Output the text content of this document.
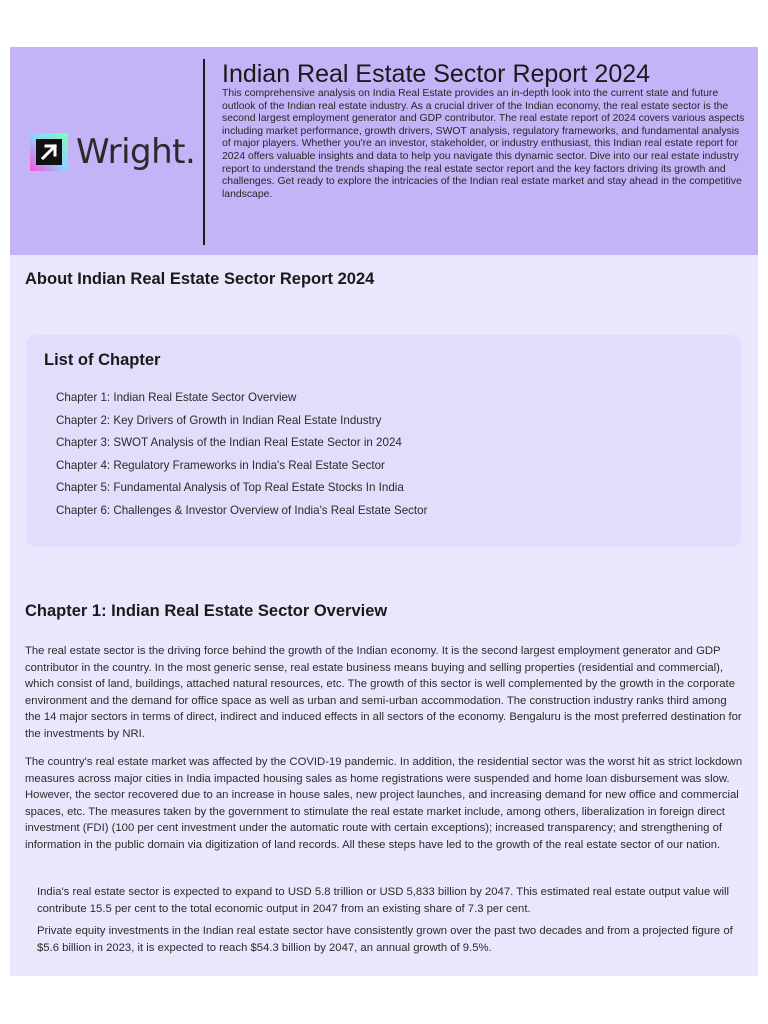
Wright.
Indian Real Estate Sector Report 2024

This comprehensive analysis on India Real Estate provides an in-depth look into the current state and future outlook of the Indian real estate industry. As a crucial driver of the Indian economy, the real estate sector is the second largest employment generator and GDP contributor. The real estate report of 2024 covers various aspects including market performance, growth drivers, SWOT analysis, regulatory frameworks, and fundamental analysis of major players. Whether you're an investor, stakeholder, or industry enthusiast, this Indian real estate report for 2024 offers valuable insights and data to help you navigate this dynamic sector. Dive into our real estate industry report to understand the trends shaping the real estate sector report and the key factors driving its growth and challenges. Get ready to explore the intricacies of the Indian real estate market and stay ahead in the competitive landscape.

About Indian Real Estate Sector Report 2024
List of Chapter
Chapter 1: Indian Real Estate Sector Overview
Chapter 2: Key Drivers of Growth in Indian Real Estate Industry
Chapter 3: SWOT Analysis of the Indian Real Estate Sector in 2024
Chapter 4: Regulatory Frameworks in India's Real Estate Sector
Chapter 5: Fundamental Analysis of Top Real Estate Stocks In India
Chapter 6: Challenges & Investor Overview of India's Real Estate Sector
Chapter 1: Indian Real Estate Sector Overview

The real estate sector is the driving force behind the growth of the Indian economy. It is the second largest employment generator and GDP contributor in the country. In the most generic sense, real estate business means buying and selling properties (residential and commercial), which consist of land, buildings, attached natural resources, etc. The growth of this sector is well complemented by the growth in the corporate environment and the demand for office space as well as urban and semi-urban accommodation. The construction industry ranks third among the 14 major sectors in terms of direct, indirect and induced effects in all sectors of the economy. Bengaluru is the most preferred destination for the investments by NRI.

The country's real estate market was affected by the COVID-19 pandemic. In addition, the residential sector was the worst hit as strict lockdown measures across major cities in India impacted housing sales as home registrations were suspended and home loan disbursement was slow. However, the sector recovered due to an increase in house sales, new project launches, and increasing demand for new office and commercial spaces, etc. The measures taken by the government to stimulate the real estate market include, among others, liberalization in foreign direct investment (FDI) (100 per cent investment under the automatic route with certain exceptions); increased transparency; and strengthening of information in the public domain via digitization of land records. All these steps have led to the growth of the real estate sector of our nation.

India's real estate sector is expected to expand to USD 5.8 trillion or USD 5,833 billion by 2047. This estimated real estate output value will contribute 15.5 per cent to the total economic output in 2047 from an existing share of 7.3 per cent.

Private equity investments in the Indian real estate sector have consistently grown over the past two decades and from a projected figure of $5.6 billion in 2023, it is expected to reach $54.3 billion by 2047, an annual growth of 9.5%.
